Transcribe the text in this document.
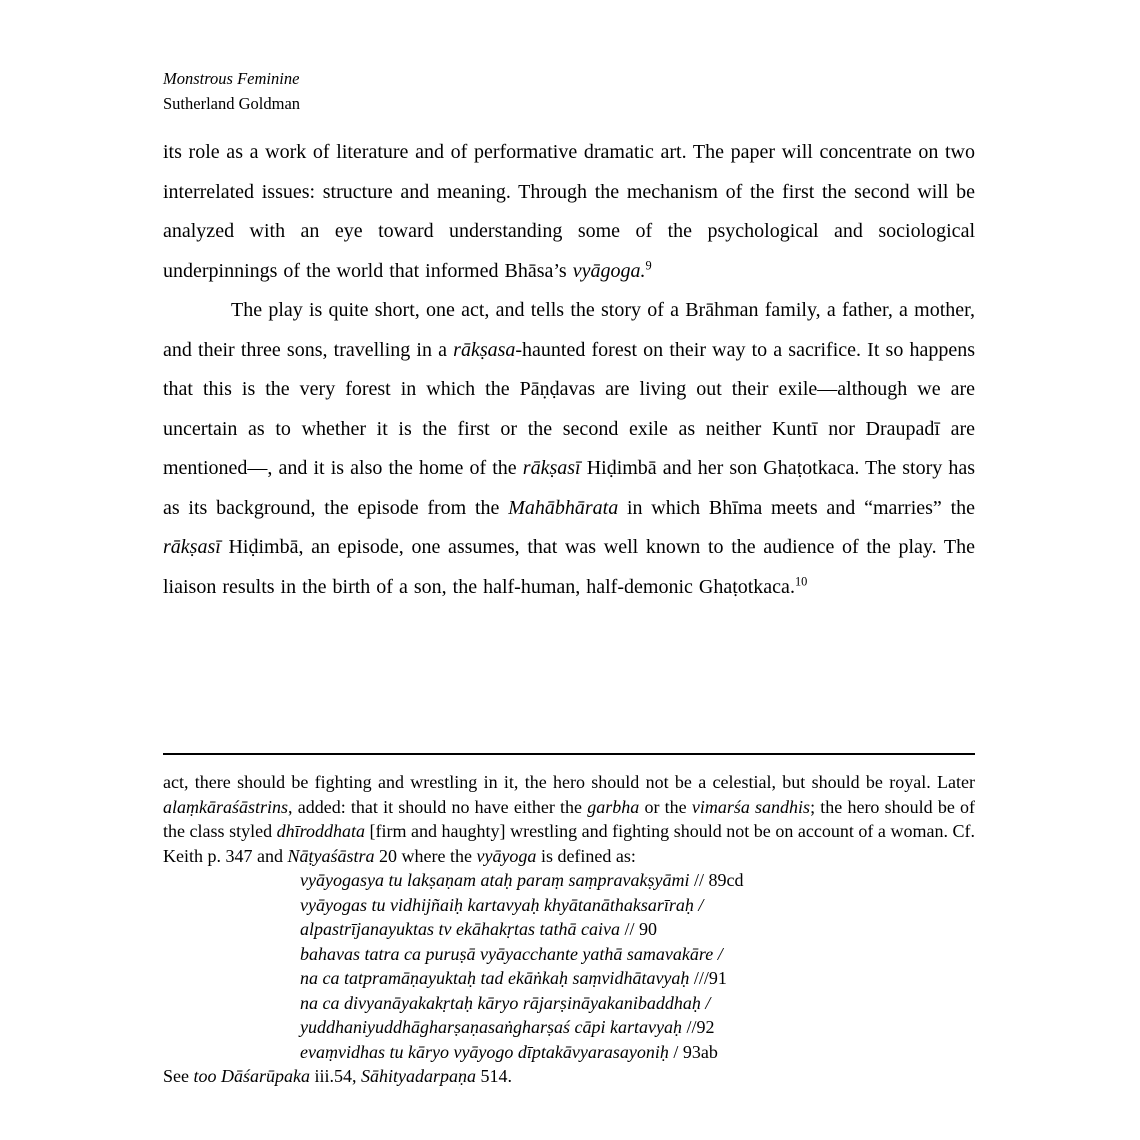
Monstrous Feminine
Sutherland Goldman

its role as a work of literature and of performative dramatic art. The paper will concentrate on two interrelated issues: structure and meaning. Through the mechanism of the first the second will be analyzed with an eye toward understanding some of the psychological and sociological underpinnings of the world that informed Bhāsa’s vyāgoga.$^9$

The play is quite short, one act, and tells the story of a Brāhman family, a father, a mother, and their three sons, travelling in a rākṣasa-haunted forest on their way to a sacrifice. It so happens that this is the very forest in which the Pāṇḍavas are living out their exile—although we are uncertain as to whether it is the first or the second exile as neither Kuntī nor Draupadī are mentioned—, and it is also the home of the rākṣasī Hiḍimbā and her son Ghaṭotkaca. The story has as its background, the episode from the Mahābhārata in which Bhīma meets and “marries” the rākṣasī Hiḍimbā, an episode, one assumes, that was well known to the audience of the play. The liaison results in the birth of a son, the half-human, half-demonic Ghaṭotkaca.$^{10}$

act, there should be fighting and wrestling in it, the hero should not be a celestial, but should be royal. Later alaṃkāraśāstrins, added: that it should no have either the garbha or the vimarśa sandhis; the hero should be of the class styled dhīroddhata [firm and haughty] wrestling and fighting should not be on account of a woman. Cf. Keith p. 347 and Nāṭyaśāstra 20 where the vyāyoga is defined as:

vyāyogasya tu lakṣaṇam ataḥ paraṃ saṃpravakṣyāmi // 89cd
vyāyogas tu vidhijñaiḥ kartavyaḥ khyātanāthaksarīraḥ /
alpastrījanayuktas tv ekāhakṛtas tathā caiva // 90
bahavas tatra ca puruṣā vyāyacchante yathā samavakāre /
na ca tatpramāṇayuktaḥ tad ekāṅkaḥ saṃvidhātavyaḥ ///91
na ca divyanāyakakṛtaḥ kāryo rājarṣināyakanibaddhaḥ /
yuddhaniyuddhāgharṣaṇasaṅgharṣaś cāpi kartavyaḥ //92
evaṃvidhas tu kāryo vyāyogo dīptakāvyarasayoniḥ / 93ab

See too Dāśarūpaka iii.54, Sāhityadarpaṇa 514.
